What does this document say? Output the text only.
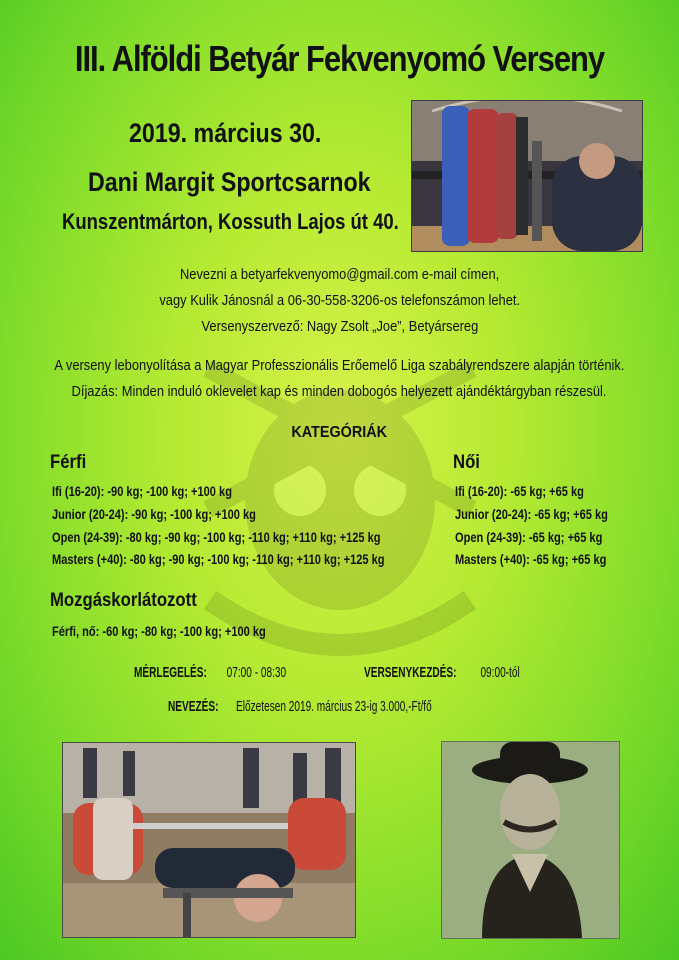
III. Alföldi Betyár Fekvenyomó Verseny
2019. március 30.
Dani Margit Sportcsarnok
Kunszentmárton, Kossuth Lajos út 40.
Nevezni a betyarfekvenyomo@gmail.com e-mail címen,
vagy Kulik Jánosnál a 06-30-558-3206-os telefonszámon lehet.
Versenyszervező: Nagy Zsolt „Joe”, Betyársereg
A verseny lebonyolítása a Magyar Professzionális Erőemelő Liga szabályrendszere alapján történik.
Díjazás: Minden induló oklevelet kap és minden dobogós helyezett ajándéktárgyban részesül.
KATEGÓRIÁK
Férfi
Ifi (16-20): -90 kg; -100 kg; +100 kg
Junior (20-24): -90 kg; -100 kg; +100 kg
Open (24-39): -80 kg; -90 kg; -100 kg; -110 kg; +110 kg; +125 kg
Masters (+40): -80 kg; -90 kg; -100 kg; -110 kg; +110 kg; +125 kg
Női
Ifi (16-20): -65 kg; +65 kg
Junior (20-24): -65 kg; +65 kg
Open (24-39): -65 kg; +65 kg
Masters (+40): -65 kg; +65 kg
Mozgáskorlátozott
Férfi, nő: -60 kg; -80 kg; -100 kg; +100 kg
MÉRLEGELÉS: 07:00 - 08:30	VERSENYKEZDÉS: 09:00-tól
NEVEZÉS: Előzetesen 2019. március 23-ig 3.000,-Ft/fő
